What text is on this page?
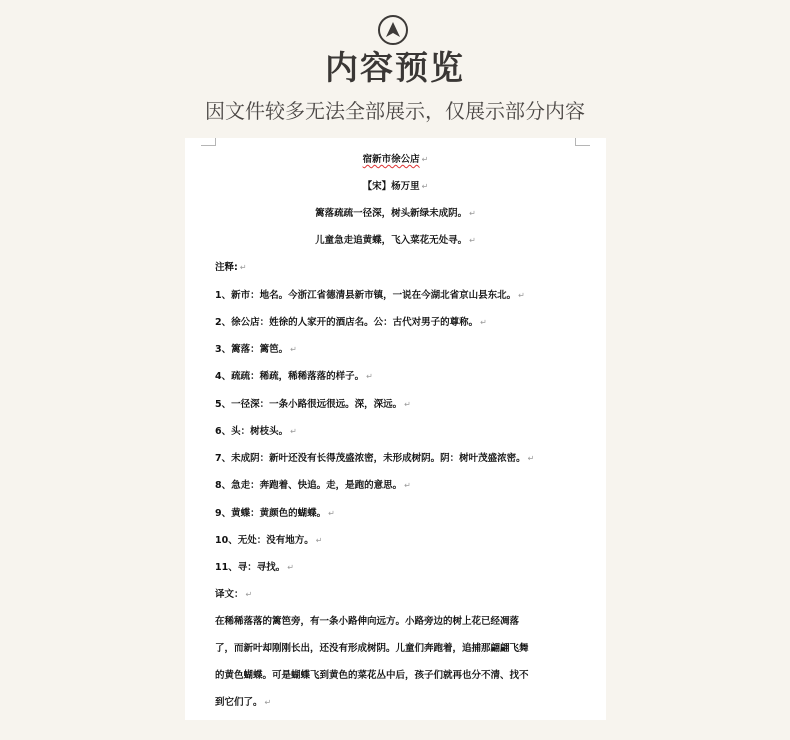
内容预览
因文件较多无法全部展示，仅展示部分内容
宿新市徐公店 ↵
【宋】杨万里 ↵
篱落疏疏一径深，树头新绿未成阴。 ↵
儿童急走追黄蝶，飞入菜花无处寻。 ↵
注释: ↵
1、新市：地名。今浙江省德清县新市镇，一说在今湖北省京山县东北。 ↵
2、徐公店：姓徐的人家开的酒店名。公：古代对男子的尊称。 ↵
3、篱落：篱笆。 ↵
4、疏疏：稀疏，稀稀落落的样子。 ↵
5、一径深：一条小路很远很远。深，深远。 ↵
6、头：树枝头。 ↵
7、未成阴：新叶还没有长得茂盛浓密，未形成树阴。阴：树叶茂盛浓密。 ↵
8、急走：奔跑着、快追。走，是跑的意思。 ↵
9、黄蝶：黄颜色的蝴蝶。 ↵
10、无处：没有地方。 ↵
11、寻：寻找。 ↵
译文： ↵
在稀稀落落的篱笆旁，有一条小路伸向远方。小路旁边的树上花已经凋落
了，而新叶却刚刚长出，还没有形成树阴。儿童们奔跑着，追捕那翩翩飞舞
的黄色蝴蝶。可是蝴蝶飞到黄色的菜花丛中后，孩子们就再也分不清、找不
到它们了。 ↵
